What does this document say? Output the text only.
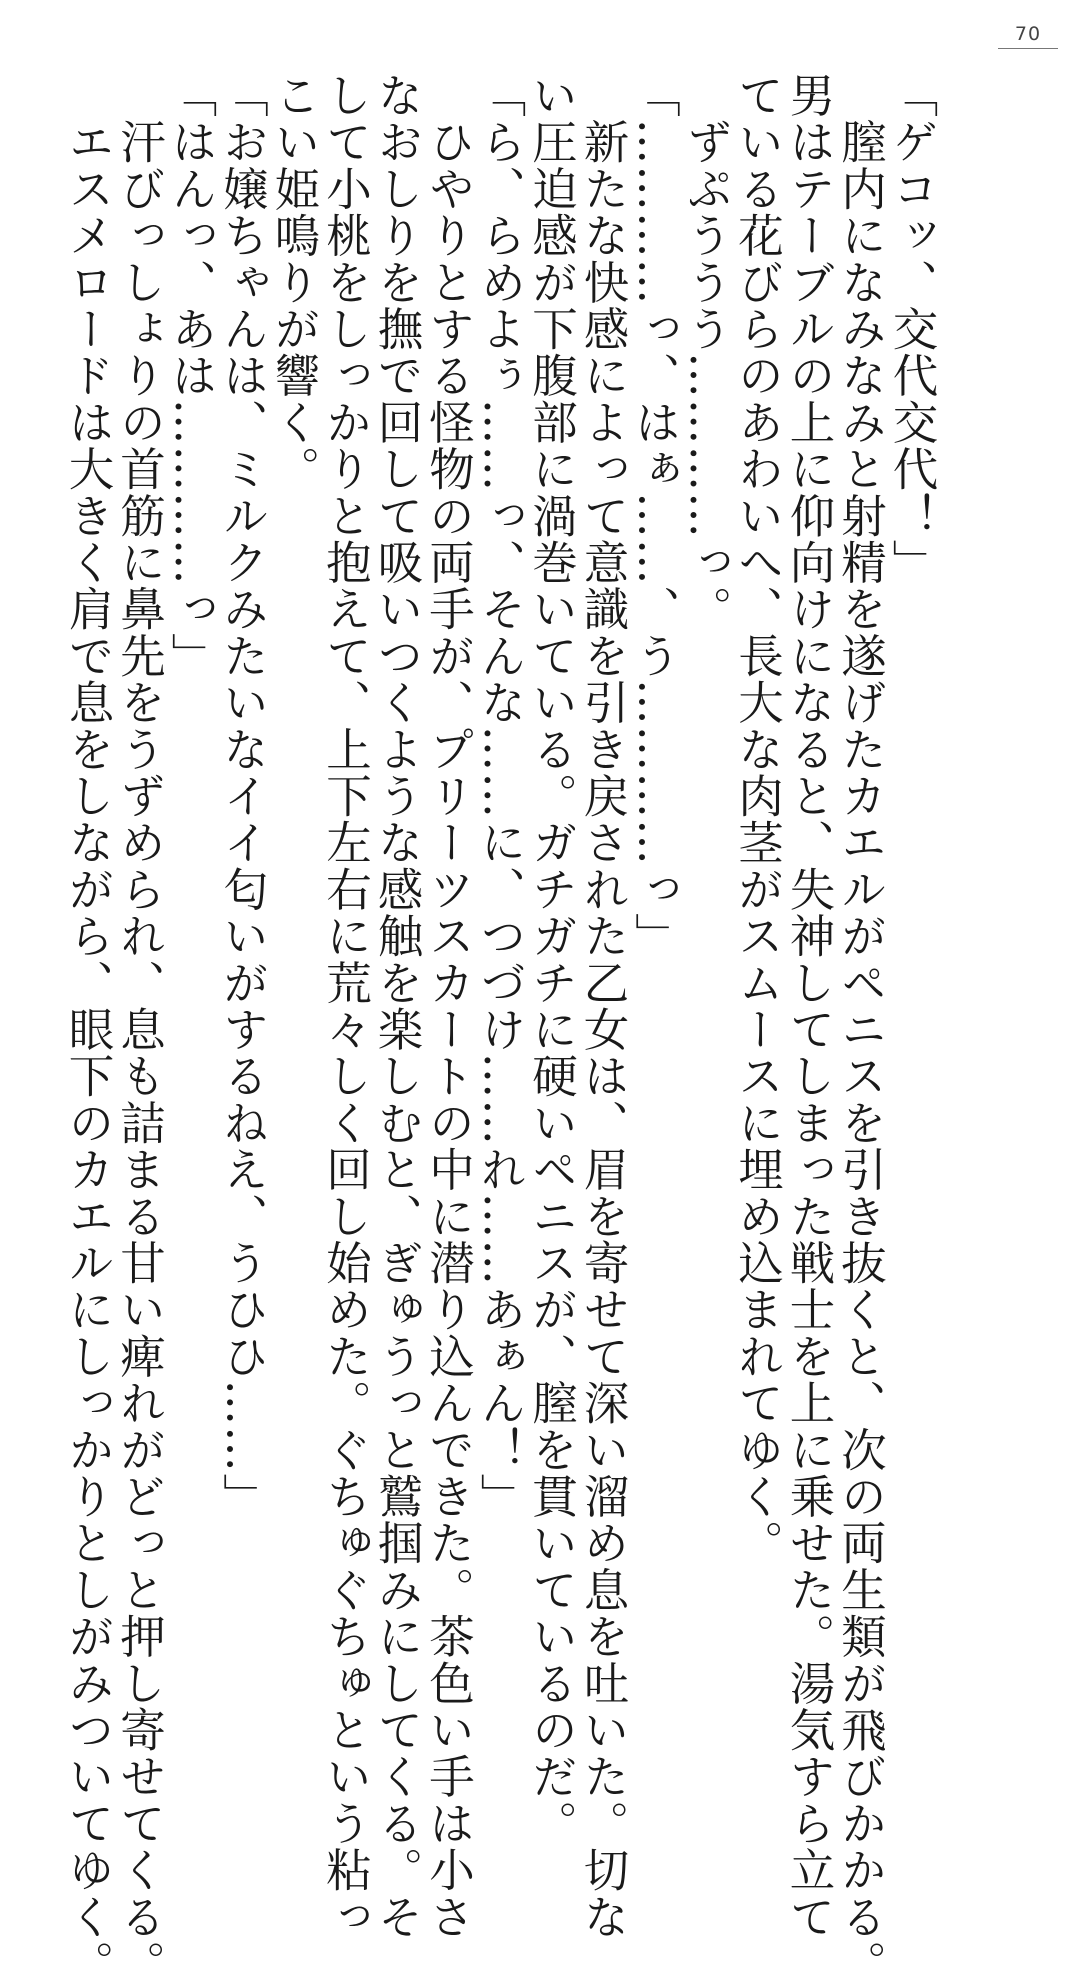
70
「ゲコッ、交代交代！」
　膣内になみなみと射精を遂げたカエルがペニスを引き抜くと、次の両生類が飛びかかる。
男はテーブルの上に仰向けになると、失神してしまった戦士を上に乗せた。湯気すら立て
ている花びらのあわいへ、長大な肉茎がスムースに埋め込まれてゆく。
　ずぷううう…………っ。
「…………っ、はぁ……、う…………っ」
　新たな快感によって意識を引き戻された乙女は、眉を寄せて深い溜め息を吐いた。切な
い圧迫感が下腹部に渦巻いている。ガチガチに硬いペニスが、膣を貫いているのだ。
「ら、らめよぅ……っ、そんな……に、つづけ……れ……あぁん！」
　ひやりとする怪物の両手が、プリーツスカートの中に潜り込んできた。茶色い手は小さ
なおしりを撫で回して吸いつくような感触を楽しむと、ぎゅうっと鷲掴みにしてくる。そ
して小桃をしっかりと抱えて、上下左右に荒々しく回し始めた。ぐちゅぐちゅという粘っ
こい姫鳴りが響く。
「お嬢ちゃんは、ミルクみたいなイイ匂いがするねえ、うひひ……」
「はんっ、あは…………っ」
　汗びっしょりの首筋に鼻先をうずめられ、息も詰まる甘い痺れがどっと押し寄せてくる。
　エスメロードは大きく肩で息をしながら、眼下のカエルにしっかりとしがみついてゆく。
